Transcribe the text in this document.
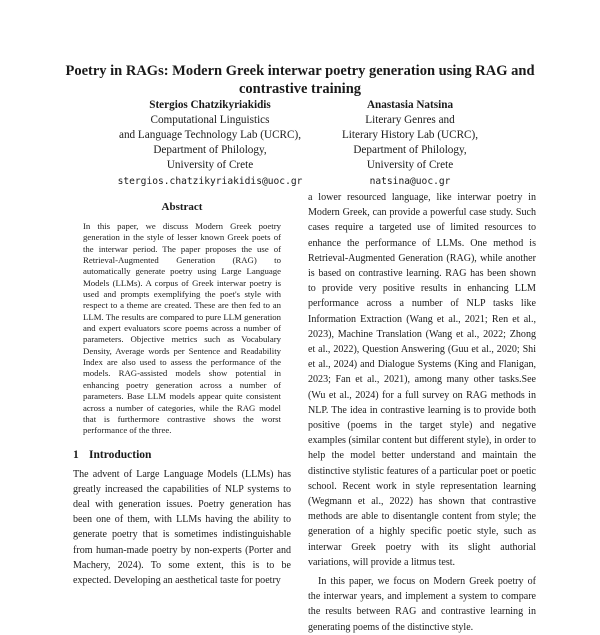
Poetry in RAGs: Modern Greek interwar poetry generation using RAG and contrastive training
Stergios Chatzikyriakidis
Computational Linguistics
and Language Technology Lab (UCRC),
Department of Philology,
University of Crete
stergios.chatzikyriakidis@uoc.gr
Anastasia Natsina
Literary Genres and
Literary History Lab (UCRC),
Department of Philology,
University of Crete
natsina@uoc.gr
Abstract

In this paper, we discuss Modern Greek poetry generation in the style of lesser known Greek poets of the interwar period. The paper proposes the use of Retrieval-Augmented Generation (RAG) to automatically generate poetry using Large Language Models (LLMs). A corpus of Greek interwar poetry is used and prompts exemplifying the poet's style with respect to a theme are created. These are then fed to an LLM. The results are compared to pure LLM generation and expert evaluators score poems across a number of parameters. Objective metrics such as Vocabulary Density, Average words per Sentence and Readability Index are also used to assess the performance of the models. RAG-assisted models show potential in enhancing poetry generation across a number of parameters. Base LLM models appear quite consistent across a number of categories, while the RAG model that is furthermore contrastive shows the worst performance of the three.

1 Introduction

The advent of Large Language Models (LLMs) has greatly increased the capabilities of NLP systems to deal with generation issues. Poetry generation has been one of them, with LLMs having the ability to generate poetry that is sometimes indistinguishable from human-made poetry by non-experts (Porter and Machery, 2024). To some extent, this is to be expected. Developing an aesthetical taste for poetry

a lower resourced language, like interwar poetry in Modern Greek, can provide a powerful case study. Such cases require a targeted use of limited resources to enhance the performance of LLMs. One method is Retrieval-Augmented Generation (RAG), while another is based on contrastive learning. RAG has been shown to provide very positive results in enhancing LLM performance across a number of NLP tasks like Information Extraction (Wang et al., 2021; Ren et al., 2023), Machine Translation (Wang et al., 2022; Zhong et al., 2022), Question Answering (Guu et al., 2020; Shi et al., 2024) and Dialogue Systems (King and Flanigan, 2023; Fan et al., 2021), among many other tasks.See (Wu et al., 2024) for a full survey on RAG methods in NLP. The idea in contrastive learning is to provide both positive (poems in the target style) and negative examples (similar content but different style), in order to help the model better understand and maintain the distinctive stylistic features of a particular poet or poetic school. Recent work in style representation learning (Wegmann et al., 2022) has shown that contrastive methods are able to disentangle content from style; the generation of a highly specific poetic style, such as interwar Greek poetry with its slight authorial variations, will provide a litmus test.

In this paper, we focus on Modern Greek poetry of the interwar years, and implement a system to compare the results between RAG and contrastive learning in generating poems of the distinctive style.
